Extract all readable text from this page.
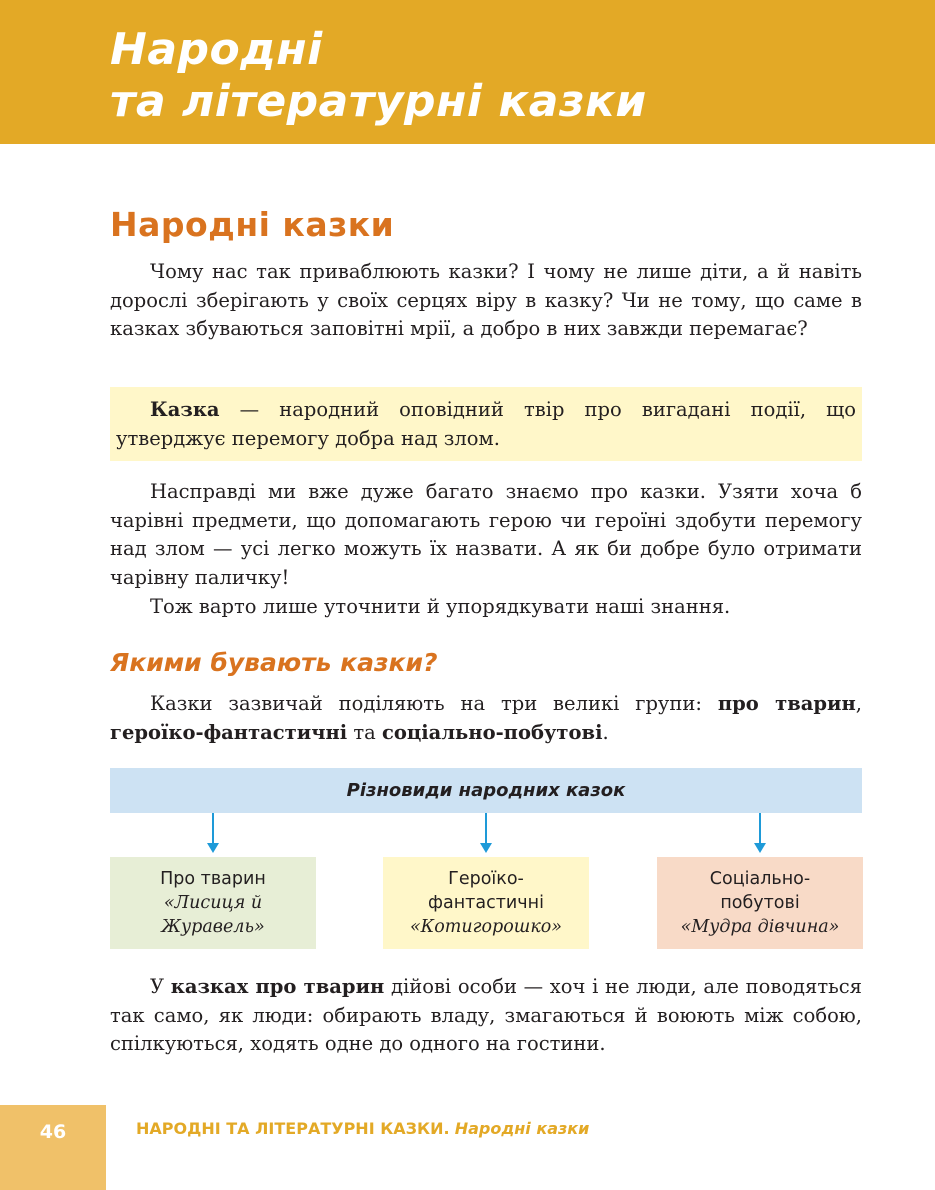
Народні
та літературні казки
Народні казки

Чому нас так приваблюють казки? І чому не лише діти, а й навіть дорослі зберігають у своїх серцях віру в казку? Чи не тому, що саме в казках збуваються заповітні мрії, а добро в них завжди перемагає?

Казка — народний оповідний твір про вигадані події, що утверджує перемогу добра над злом.

Насправді ми вже дуже багато знаємо про казки. Узяти хоча б чарівні предмети, що допомагають герою чи героїні здобути перемогу над злом — усі легко можуть їх назвати. А як би добре було отримати чарівну паличку!

Тож варто лише уточнити й упорядкувати наші знання.

Якими бувають казки?

Казки зазвичай поділяють на три великі групи: про тварин, героїко-фантастичні та соціально-побутові.

Різновиди народних казок
Про тварин
«Лисиця й Журавель»
Героїко-фантастичні
«Котигорошко»
Соціально-побутові
«Мудра дівчина»

У казках про тварин дійові особи — хоч і не люди, але поводяться так само, як люди: обирають владу, змагаються й воюють між собою, спілкуються, ходять одне до одного на гостини.

46	НАРОДНІ ТА ЛІТЕРАТУРНІ КАЗКИ. Народні казки
